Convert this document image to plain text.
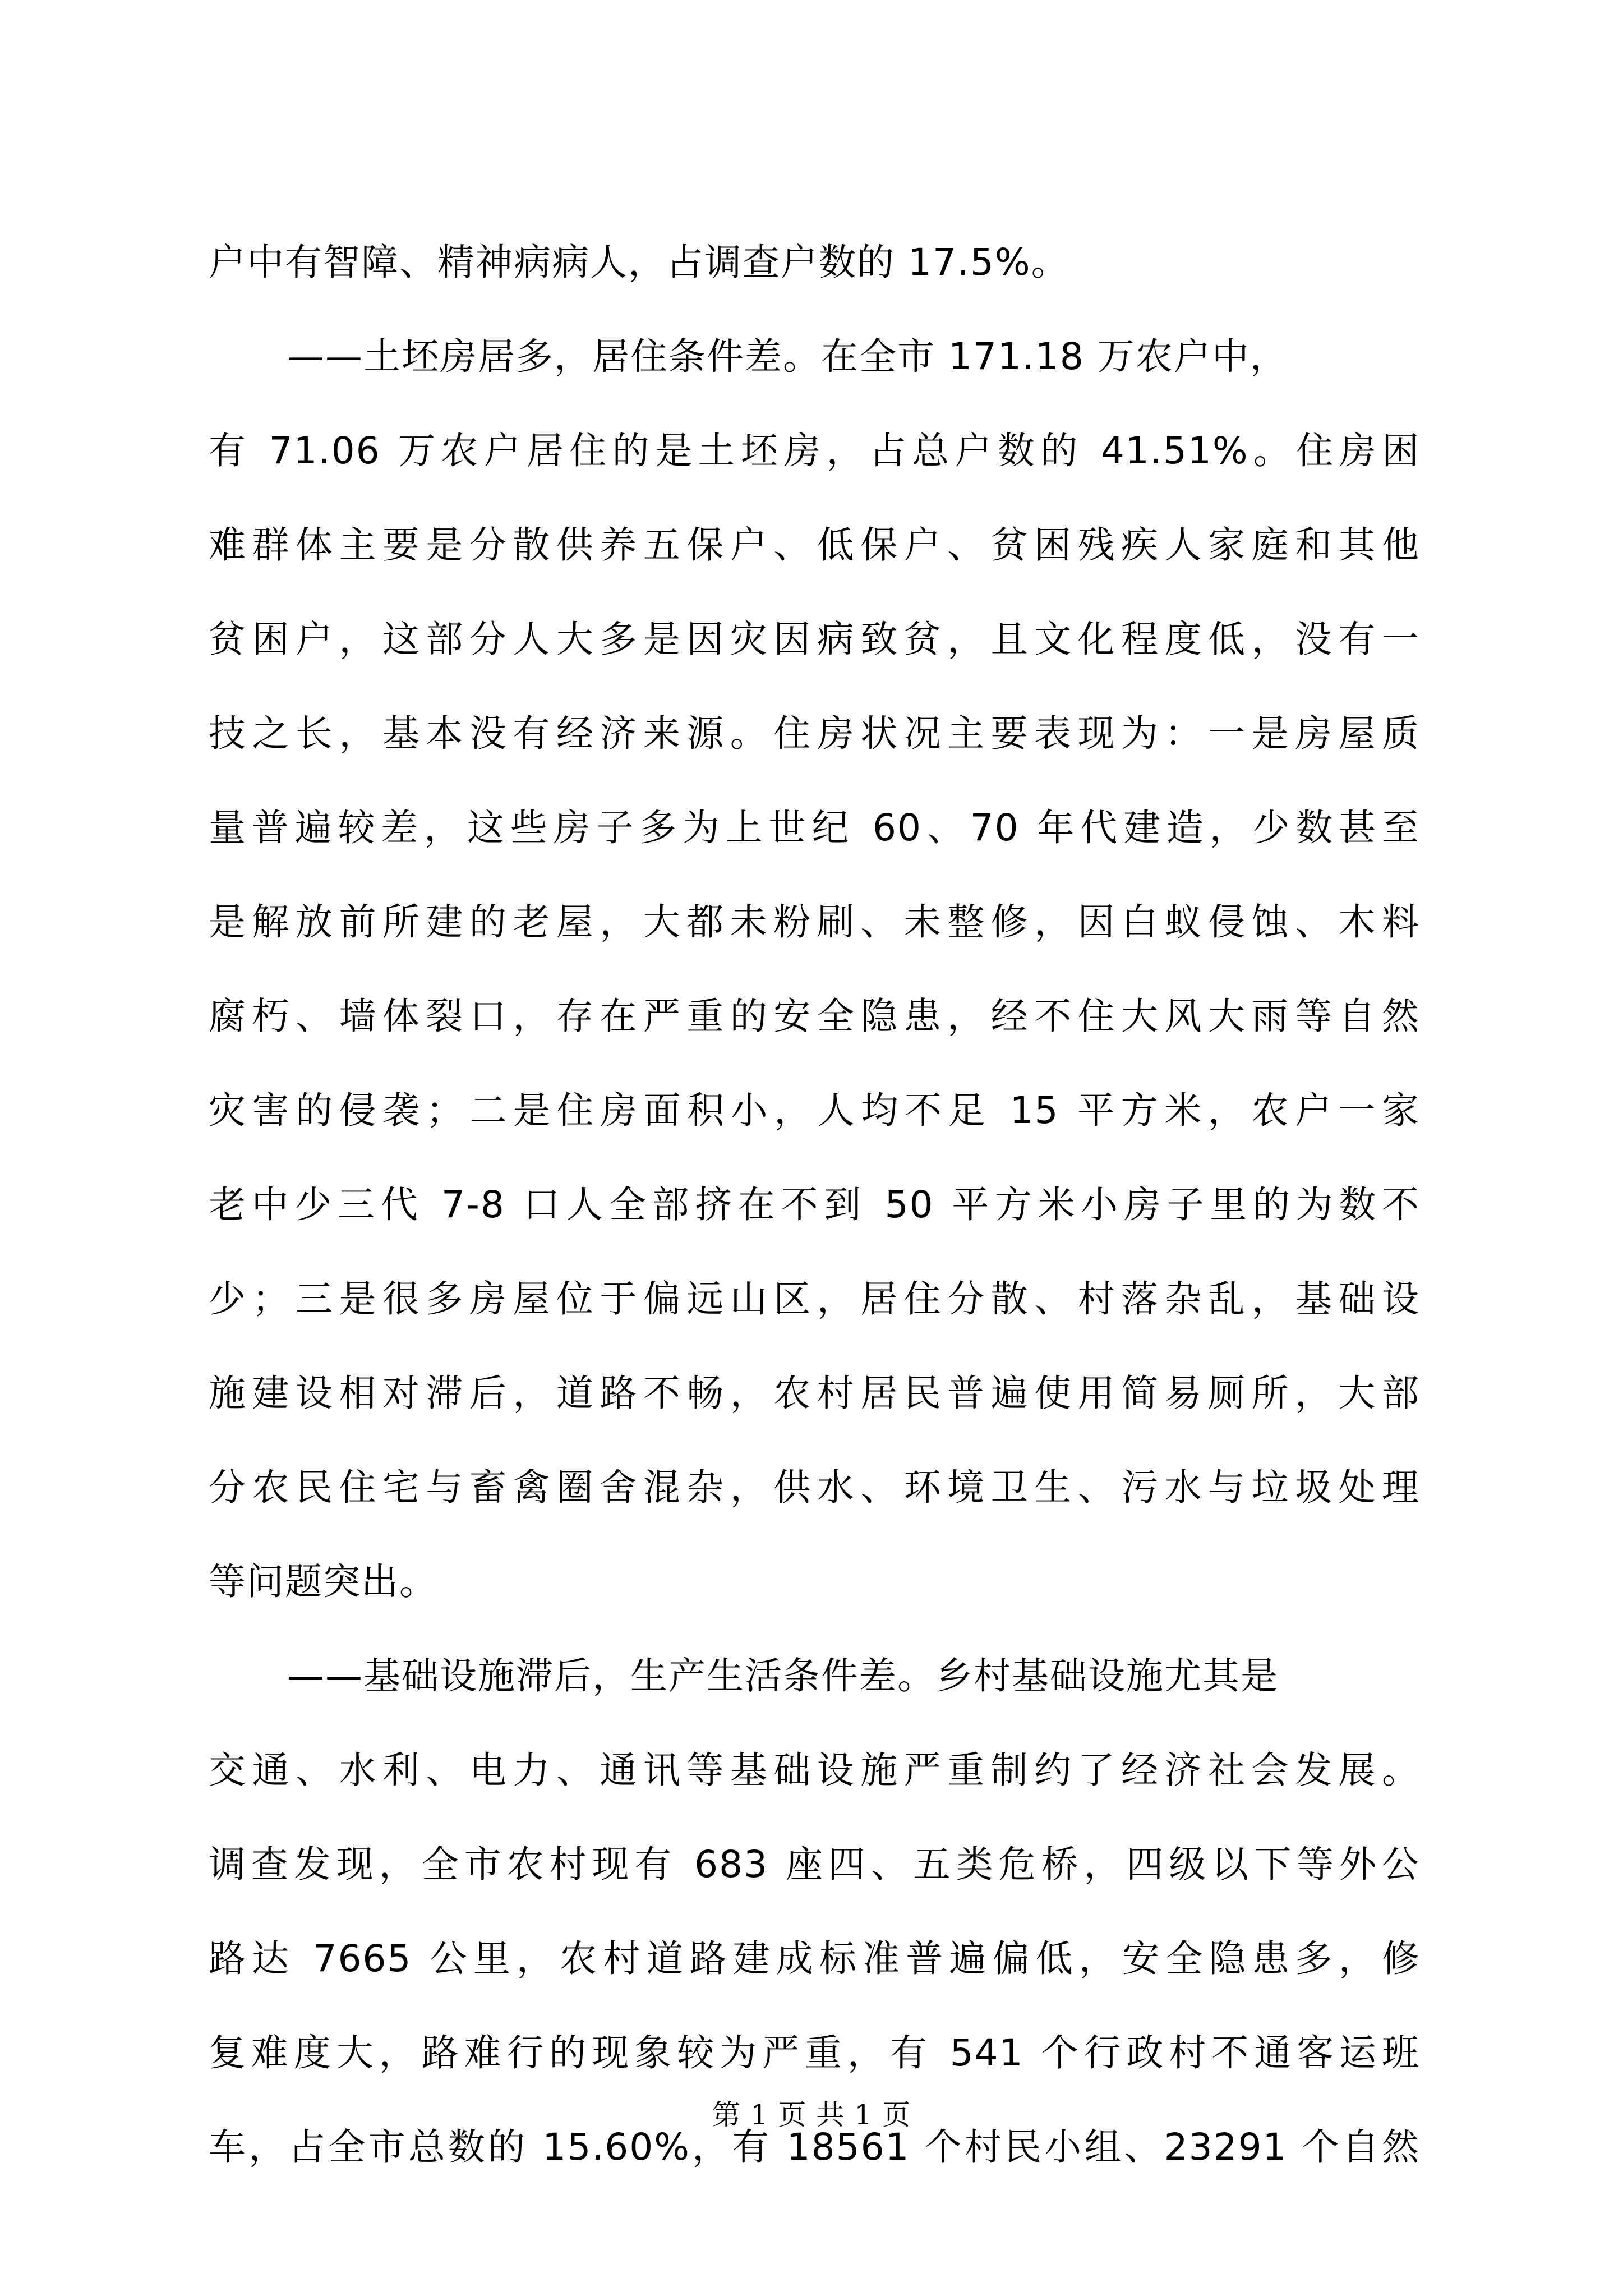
户中有智障、精神病病人，占调查户数的 17.5%。
——土坯房居多，居住条件差。在全市 171.18 万农户中，
有 71.06 万农户居住的是土坯房，占总户数的 41.51%。住房困
难群体主要是分散供养五保户、低保户、贫困残疾人家庭和其他
贫困户，这部分人大多是因灾因病致贫，且文化程度低，没有一
技之长，基本没有经济来源。住房状况主要表现为：一是房屋质
量普遍较差，这些房子多为上世纪 60、70 年代建造，少数甚至
是解放前所建的老屋，大都未粉刷、未整修，因白蚁侵蚀、木料
腐朽、墙体裂口，存在严重的安全隐患，经不住大风大雨等自然
灾害的侵袭；二是住房面积小，人均不足 15 平方米，农户一家
老中少三代 7-8 口人全部挤在不到 50 平方米小房子里的为数不
少；三是很多房屋位于偏远山区，居住分散、村落杂乱，基础设
施建设相对滞后，道路不畅，农村居民普遍使用简易厕所，大部
分农民住宅与畜禽圈舍混杂，供水、环境卫生、污水与垃圾处理
等问题突出。
——基础设施滞后，生产生活条件差。乡村基础设施尤其是
交通、水利、电力、通讯等基础设施严重制约了经济社会发展。
调查发现，全市农村现有 683 座四、五类危桥，四级以下等外公
路达 7665 公里，农村道路建成标准普遍偏低，安全隐患多，修
复难度大，路难行的现象较为严重，有 541 个行政村不通客运班
车，占全市总数的 15.60%，有 18561 个村民小组、23291 个自然
第 1 页 共 1 页
